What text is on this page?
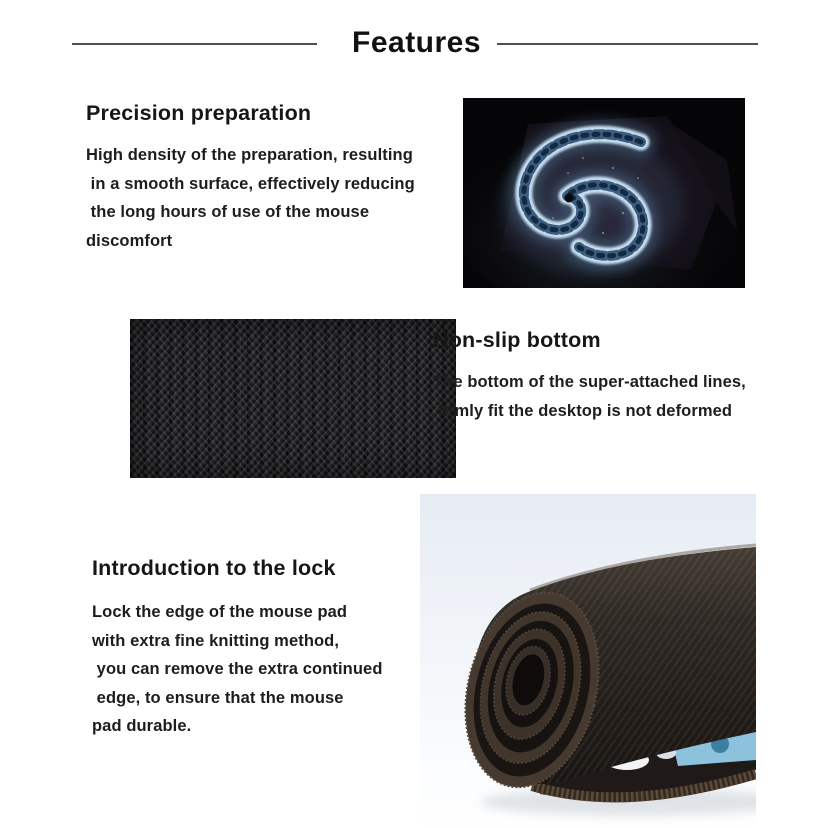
Features
Precision preparation

High density of the preparation, resulting

in a smooth surface, effectively reducing

the long hours of use of the mouse

discomfort

Non-slip bottom

The bottom of the super-attached lines,

firmly fit the desktop is not deformed

Introduction to the lock

Lock the edge of the mouse pad

with extra fine knitting method,

you can remove the extra continued

edge, to ensure that the mouse

pad durable.
